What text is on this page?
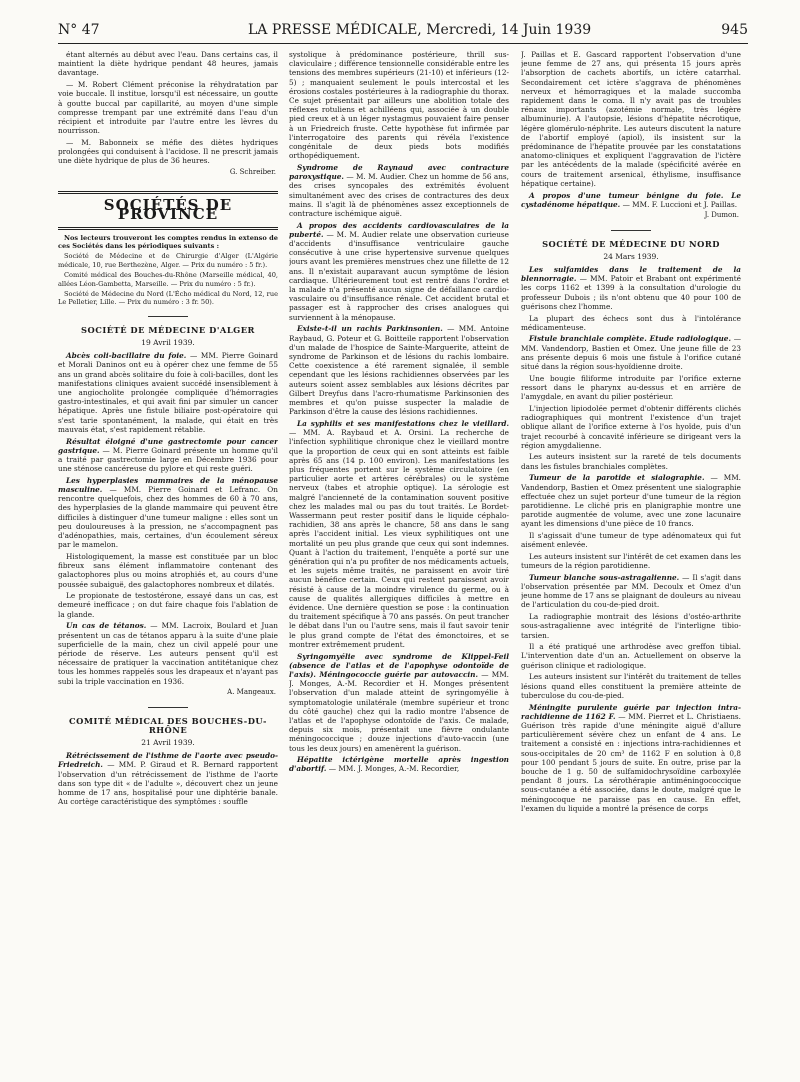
N° 47	LA PRESSE MÉDICALE, Mercredi, 14 Juin 1939	945

étant alternés au début avec l'eau. Dans certains cas, il maintient la diète hydrique pendant 48 heures, jamais davantage.

— M. Robert Clément préconise la réhydratation par voie buccale. Il institue, lorsqu'il est nécessaire, un goutte à goutte buccal par capillarité, au moyen d'une simple compresse trempant par une extrémité dans l'eau d'un récipient et introduite par l'autre entre les lèvres du nourrisson.

— M. Babonneix se méfie des diètes hydriques prolongées qui conduisent à l'acidose. Il ne prescrit jamais une diète hydrique de plus de 36 heures.

G. Schreiber.
SOCIÉTÉS DE PROVINCE

Nos lecteurs trouveront les comptes rendus in extenso de ces Sociétés dans les périodiques suivants :

Société de Médecine et de Chirurgie d'Alger (L'Algérie médicale, 10, rue Berthezène, Alger. — Prix du numéro : 5 fr.).

Comité médical des Bouches-du-Rhône (Marseille médical, 40, allées Léon-Gambetta, Marseille. — Prix du numéro : 5 fr.).

Société de Médecine du Nord (L'Écho médical du Nord, 12, rue Le Pelletier, Lille. — Prix du numéro : 3 fr. 50).

SOCIÉTÉ DE MÉDECINE D'ALGER
19 Avril 1939.

Abcès coli-bacillaire du foie. — MM. Pierre Goinard et Morali Daninos ont eu à opérer chez une femme de 55 ans un grand abcès solitaire du foie à coli-bacilles, dont les manifestations cliniques avaient succédé insensiblement à une angiocholite prolongée compliquée d'hémorragies gastro-intestinales, et qui avait fini par simuler un cancer hépatique. Après une fistule biliaire post-opératoire qui s'est tarie spontanément, la malade, qui était en très mauvais état, s'est rapidement rétablie.

Résultat éloigné d'une gastrectomie pour cancer gastrique. — M. Pierre Goinard présente un homme qu'il a traité par gastrectomie large en Décembre 1936 pour une sténose cancéreuse du pylore et qui reste guéri.

Les hyperplasies mammaires de la ménopause masculine. — MM. Pierre Goinard et Lefranc. On rencontre quelquefois, chez des hommes de 60 à 70 ans, des hyperplasies de la glande mammaire qui peuvent être difficiles à distinguer d'une tumeur maligne : elles sont un peu douloureuses à la pression, ne s'accompagnent pas d'adénopathies, mais, certaines, d'un écoulement séreux par le mamelon.

Histologiquement, la masse est constituée par un bloc fibreux sans élément inflammatoire contenant des galactophores plus ou moins atrophiés et, au cours d'une poussée subaiguë, des galactophores nombreux et dilatés.

Le propionate de testostérone, essayé dans un cas, est demeuré inefficace ; on dut faire chaque fois l'ablation de la glande.

Un cas de tétanos. — MM. Lacroix, Boulard et Juan présentent un cas de tétanos apparu à la suite d'une plaie superficielle de la main, chez un civil appelé pour une période de réserve. Les auteurs pensent qu'il est nécessaire de pratiquer la vaccination antitétanique chez tous les hommes rappelés sous les drapeaux et n'ayant pas subi la triple vaccination en 1936.

A. Mangeaux.
COMITÉ MÉDICAL DES BOUCHES-DU-RHÔNE
21 Avril 1939.

Rétrécissement de l'isthme de l'aorte avec pseudo-Friedreich. — MM. P. Giraud et R. Bernard rapportent l'observation d'un rétrécissement de l'isthme de l'aorte dans son type dit « de l'adulte », découvert chez un jeune homme de 17 ans, hospitalisé pour une diphtérie banale. Au cortège caractéristique des symptômes : souffle

systolique à prédominance postérieure, thrill sus-claviculaire ; différence tensionnelle considérable entre les tensions des membres supérieurs (21-10) et inférieurs (12-5) ; manquaient seulement le pouls intercostal et les érosions costales postérieures à la radiographie du thorax. Ce sujet présentait par ailleurs une abolition totale des réflexes rotuliens et achilléens qui, associée à un double pied creux et à un léger nystagmus pouvaient faire penser à un Friedreich fruste. Cette hypothèse fut infirmée par l'interrogatoire des parents qui révéla l'existence congénitale de deux pieds bots modifiés orthopédiquement.

Syndrome de Raynaud avec contracture paroxystique. — M. M. Audier. Chez un homme de 56 ans, des crises syncopales des extrémités évoluent simultanément avec des crises de contractures des deux mains. Il s'agit là de phénomènes assez exceptionnels de contracture ischémique aiguë.

A propos des accidents cardiovasculaires de la puberté. — M. M. Audier relate une observation curieuse d'accidents d'insuffisance ventriculaire gauche consécutive à une crise hypertensive survenue quelques jours avant les premières menstrues chez une fillette de 12 ans. Il n'existait auparavant aucun symptôme de lésion cardiaque. Ultérieurement tout est rentré dans l'ordre et la malade n'a présenté aucun signe de défaillance cardio-vasculaire ou d'insuffisance rénale. Cet accident brutal et passager est à rapprocher des crises analogues qui surviennent à la ménopause.

Existe-t-il un rachis Parkinsonien. — MM. Antoine Raybaud, G. Poteur et G. Boitteile rapportent l'observation d'un malade de l'hospice de Sainte-Marguerite, atteint de syndrome de Parkinson et de lésions du rachis lombaire. Cette coexistence a été rarement signalée, il semble cependant que les lésions rachidiennes observées par les auteurs soient assez semblables aux lésions décrites par Gilbert Dreyfus dans l'acro-rhumatisme Parkinsonien des membres et qu'on puisse suspecter la maladie de Parkinson d'être la cause des lésions rachidiennes.

La syphilis et ses manifestations chez le vieillard. — MM. A. Raybaud et A. Orsini. La recherche de l'infection syphilitique chronique chez le vieillard montre que la proportion de ceux qui en sont atteints est faible après 65 ans (14 p. 100 environ). Les manifestations les plus fréquentes portent sur le système circulatoire (en particulier aorte et artères cérébrales) ou le système nerveux (tabes et atrophie optique). La sérologie est malgré l'ancienneté de la contamination souvent positive chez les malades mal ou pas du tout traités. Le Bordet-Wassermann peut rester positif dans le liquide céphalo-rachidien, 38 ans après le chancre, 58 ans dans le sang après l'accident initial. Les vieux syphilitiques ont une mortalité un peu plus grande que ceux qui sont indemnes. Quant à l'action du traitement, l'enquête a porté sur une génération qui n'a pu profiter de nos médicaments actuels, et les sujets même traités, ne paraissent en avoir tiré aucun bénéfice certain. Ceux qui restent paraissent avoir résisté à cause de la moindre virulence du germe, ou à cause de qualités allergiques difficiles à mettre en évidence. Une dernière question se pose : la continuation du traitement spécifique à 70 ans passés. On peut trancher le débat dans l'un ou l'autre sens, mais il faut savoir tenir le plus grand compte de l'état des émonctoires, et se montrer extrêmement prudent.

Syringomyélie avec syndrome de Klippel-Feil (absence de l'atlas et de l'apophyse odontoïde de l'axis). Méningococcie guérie par autovaccin. — MM. J. Monges, A.-M. Recordier et H. Monges présentent l'observation d'un malade atteint de syringomyélie à symptomatologie unilatérale (membre supérieur et tronc du côté gauche) chez qui la radio montre l'absence de l'atlas et de l'apophyse odontoïde de l'axis. Ce malade, depuis six mois, présentait une fièvre ondulante méningococcique ; douze injections d'auto-vaccin (une tous les deux jours) en amenèrent la guérison.

Hépatite ictérigène mortelle après ingestion d'abortif. — MM. J. Monges, A.-M. Recordier,

J. Paillas et E. Gascard rapportent l'observation d'une jeune femme de 27 ans, qui présenta 15 jours après l'absorption de cachets abortifs, un ictère catarrhal. Secondairement cet ictère s'aggrava de phénomènes nerveux et hémorragiques et la malade succomba rapidement dans le coma. Il n'y avait pas de troubles rénaux importants (azotémie normale, très légère albuminurie). A l'autopsie, lésions d'hépatite nécrotique, légère glomérulo-néphrite. Les auteurs discutent la nature de l'abortif employé (apiol), ils insistent sur la prédominance de l'hépatite prouvée par les constatations anatomo-cliniques et expliquent l'aggravation de l'ictère par les antécédents de la malade (spécificité avérée en cours de traitement arsenical, éthylisme, insuffisance hépatique certaine).

A propos d'une tumeur bénigne du foie. Le cystadénome hépatique. — MM. F. Luccioni et J. Paillas.

J. Dumon.
SOCIÉTÉ DE MÉDECINE DU NORD
24 Mars 1939.

Les sulfamides dans le traitement de la blennorragie. — MM. Patoir et Brabant ont expérimenté les corps 1162 et 1399 à la consultation d'urologie du professeur Dubois ; ils n'ont obtenu que 40 pour 100 de guérisons chez l'homme.

La plupart des échecs sont dus à l'intolérance médicamenteuse.

Fistule branchiale complète. Etude radiologique. — MM. Vandendorp, Bastien et Omez. Une jeune fille de 23 ans présente depuis 6 mois une fistule à l'orifice cutané situé dans la région sous-hyoïdienne droite.

Une bougie filiforme introduite par l'orifice externe ressort dans le pharynx au-dessus et en arrière de l'amygdale, en avant du pilier postérieur.

L'injection lipiodolée permet d'obtenir différents clichés radiographiques qui montrent l'existence d'un trajet oblique allant de l'orifice externe à l'os hyoïde, puis d'un trajet recourbé à concavité inférieure se dirigeant vers la région amygdalienne.

Les auteurs insistent sur la rareté de tels documents dans les fistules branchiales complètes.

Tumeur de la parotide et sialographie. — MM. Vandendorp, Bastien et Omez présentent une sialographie effectuée chez un sujet porteur d'une tumeur de la région parotidienne. Le cliché pris en planigraphie montre une parotide augmentée de volume, avec une zone lacunaire ayant les dimensions d'une pièce de 10 francs.

Il s'agissait d'une tumeur de type adénomateux qui fut aisément enlevée.

Les auteurs insistent sur l'intérêt de cet examen dans les tumeurs de la région parotidienne.

Tumeur blanche sous-astragalienne. — Il s'agit dans l'observation présentée par MM. Decoulx et Omez d'un jeune homme de 17 ans se plaignant de douleurs au niveau de l'articulation du cou-de-pied droit.

La radiographie montrait des lésions d'ostéo-arthrite sous-astragalienne avec intégrité de l'interligne tibio-tarsien.

Il a été pratiqué une arthrodèse avec greffon tibial. L'intervention date d'un an. Actuellement on observe la guérison clinique et radiologique.

Les auteurs insistent sur l'intérêt du traitement de telles lésions quand elles constituent la première atteinte de tuberculose du cou-de-pied.

Méningite purulente guérie par injection intra-rachidienne de 1162 F. — MM. Pierret et L. Christiaens. Guérison très rapide d'une méningite aiguë d'allure particulièrement sévère chez un enfant de 4 ans. Le traitement a consisté en : injections intra-rachidiennes et sous-occipitales de 20 cm³ de 1162 F en solution à 0,8 pour 100 pendant 5 jours de suite. En outre, prise par la bouche de 1 g. 50 de sulfamidochrysoïdine carboxylée pendant 8 jours. La sérothérapie antiméningococcique sous-cutanée a été associée, dans le doute, malgré que le méningocoque ne paraisse pas en cause. En effet, l'examen du liquide a montré la présence de corps
